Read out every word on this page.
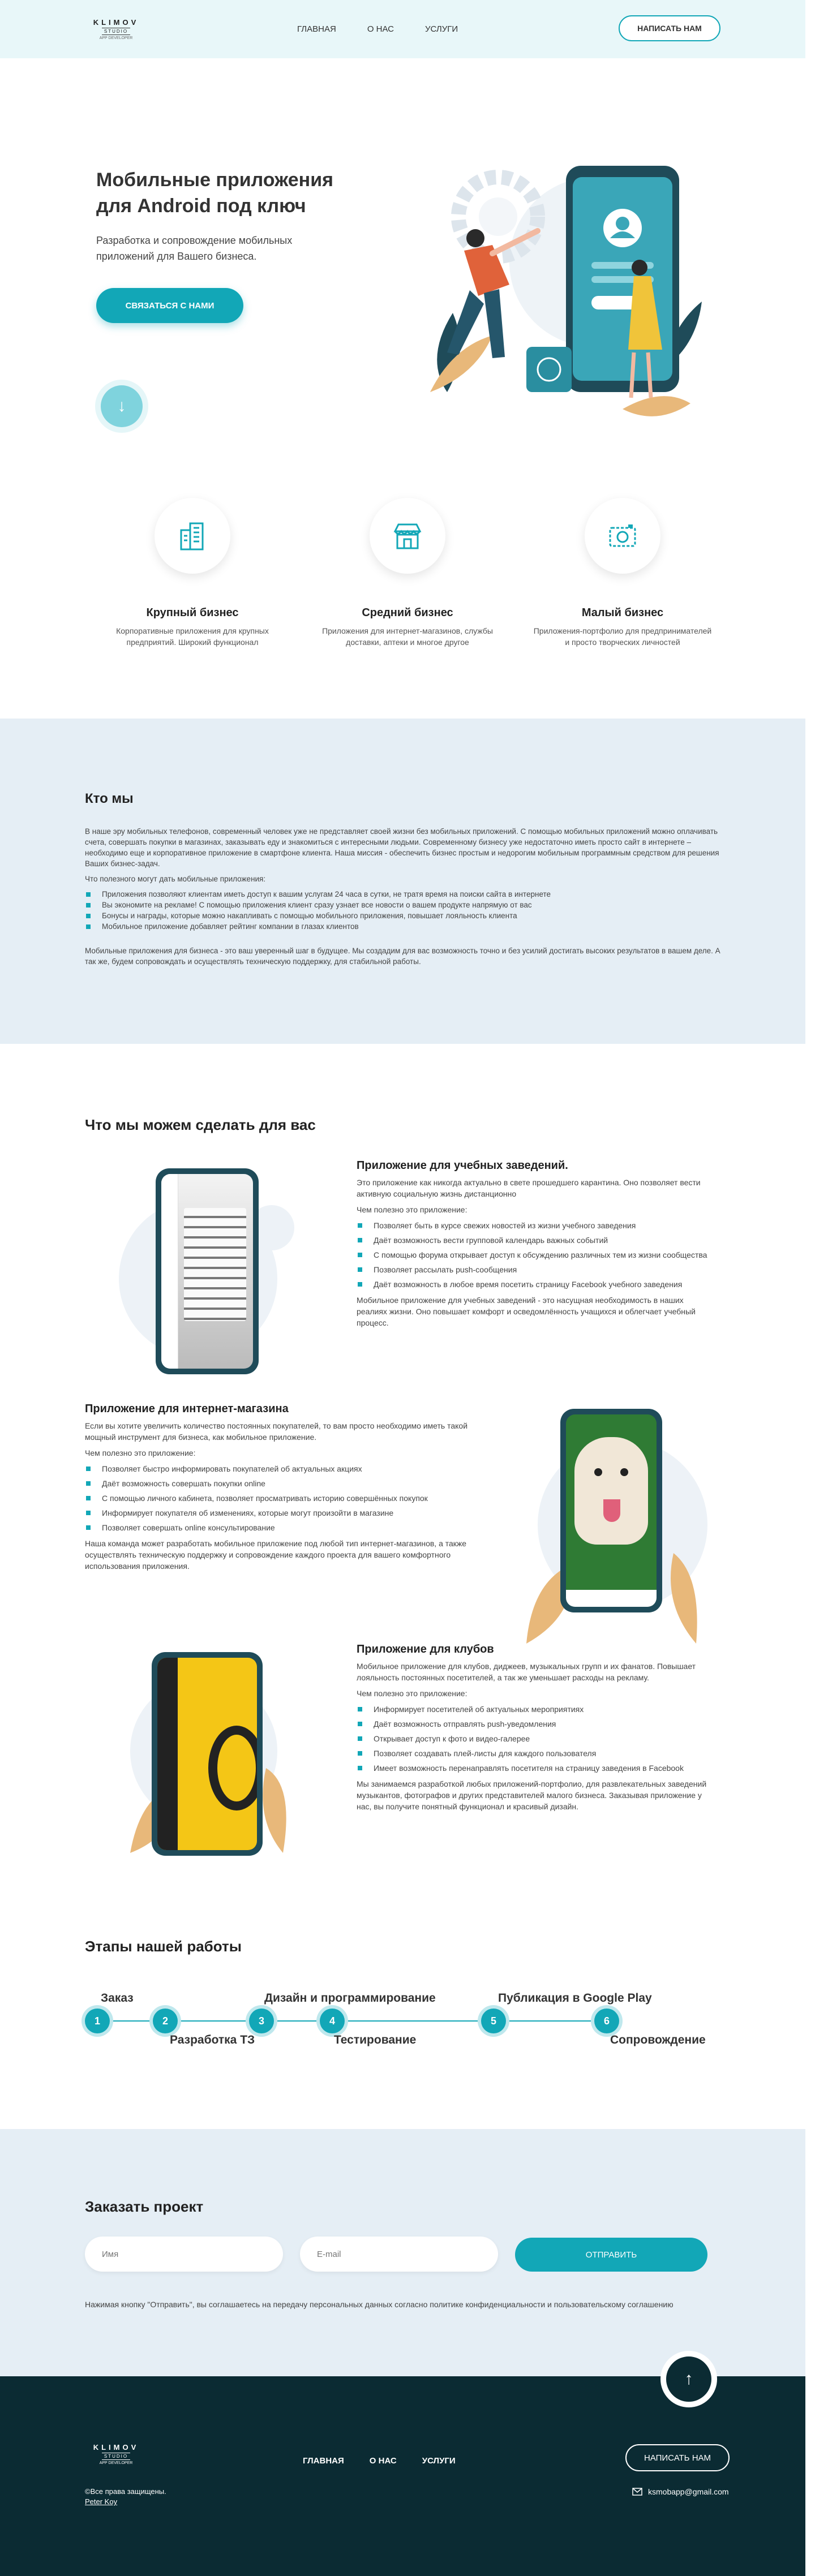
KLIMOV
STUDIO
APP DEVELOPER
ГЛАВНАЯ	О НАС	УСЛУГИ	НАПИСАТЬ НАМ
Мобильные приложения для Android под ключ

Разработка и сопровождение мобильных приложений для Вашего бизнеса.

СВЯЗАТЬСЯ С НАМИ
↓
Крупный бизнес

Корпоративные приложения для крупных предприятий. Широкий функционал

Средний бизнес

Приложения для интернет-магазинов, службы доставки, аптеки и многое другое

Малый бизнес

Приложения-портфолио для предпринимателей и просто творческих личностей

Кто мы

В наше эру мобильных телефонов, современный человек уже не представляет своей жизни без мобильных приложений. С помощью мобильных приложений можно оплачивать счета, совершать покупки в магазинах, заказывать еду и знакомиться с интересными людьми. Современному бизнесу уже недостаточно иметь просто сайт в интернете – необходимо еще и корпоративное приложение в смартфоне клиента. Наша миссия - обеспечить бизнес простым и недорогим мобильным программным средством для решения Ваших бизнес-задач.

Что полезного могут дать мобильные приложения:

Приложения позволяют клиентам иметь доступ к вашим услугам 24 часа в сутки, не тратя время на поиски сайта в интернете
Вы экономите на рекламе! С помощью приложения клиент сразу узнает все новости о вашем продукте напрямую от вас
Бонусы и награды, которые можно накапливать с помощью мобильного приложения, повышает лояльность клиента
Мобильное приложение добавляет рейтинг компании в глазах клиентов

Мобильные приложения для бизнеса - это ваш уверенный шаг в будущее. Мы создадим для вас возможность точно и без усилий достигать высоких результатов в вашем деле. А так же, будем сопровождать и осуществлять техническую поддержку, для стабильной работы.

Что мы можем сделать для вас
Приложение для учебных заведений.

Это приложение как никогда актуально в свете прошедшего карантина. Оно позволяет вести активную социальную жизнь дистанционно

Чем полезно это приложение:

Позволяет быть в курсе свежих новостей из жизни учебного заведения
Даёт возможность вести групповой календарь важных событий
С помощью форума открывает доступ к обсуждению различных тем из жизни сообщества
Позволяет рассылать push-сообщения
Даёт возможность в любое время посетить страницу Facebook учебного заведения

Мобильное приложение для учебных заведений - это насущная необходимость в наших реалиях жизни. Оно повышает комфорт и осведомлённость учащихся и облегчает учебный процесс.

Приложение для интернет-магазина

Если вы хотите увеличить количество постоянных покупателей, то вам просто необходимо иметь такой мощный инструмент для бизнеса, как мобильное приложение.

Чем полезно это приложение:

Позволяет быстро информировать покупателей об актуальных акциях
Даёт возможность совершать покупки online
С помощью личного кабинета, позволяет просматривать историю совершённых покупок
Информирует покупателя об изменениях, которые могут произойти в магазине
Позволяет совершать online консультирование

Наша команда может разработать мобильное приложение под любой тип интернет-магазинов, а также осуществлять техническую поддержку и сопровождение каждого проекта для вашего комфортного использования приложения.

Приложение для клубов

Мобильное приложение для клубов, диджеев, музыкальных групп и их фанатов. Повышает лояльность постоянных посетителей, а так же уменьшает расходы на рекламу.

Чем полезно это приложение:

Информирует посетителей об актуальных мероприятиях
Даёт возможность отправлять push-уведомления
Открывает доступ к фото и видео-галерее
Позволяет создавать плей-листы для каждого пользователя
Имеет возможность перенаправлять посетителя на страницу заведения в Facebook

Мы занимаемся разработкой любых приложений-портфолио, для развлекательных заведений музыкантов, фотографов и других представителей малого бизнеса. Заказывая приложение у нас, вы получите понятный функционал и красивый дизайн.

Этапы нашей работы
1	2	3	4	5	6
Заказ
Разработка ТЗ
Дизайн и программирование
Тестирование
Публикация в Google Play
Сопровождение
Заказать проект
Имя
E-mail
ОТПРАВИТЬ

Нажимая кнопку "Отправить", вы соглашаетесь на передачу персональных данных согласно политике конфиденциальности и пользовательскому соглашению

↑
KLIMOV
STUDIO
APP DEVELOPER	ГЛАВНАЯ	О НАС	УСЛУГИ	НАПИСАТЬ НАМ
©Все права защищены.
Peter Koy
ksmobapp@gmail.com
